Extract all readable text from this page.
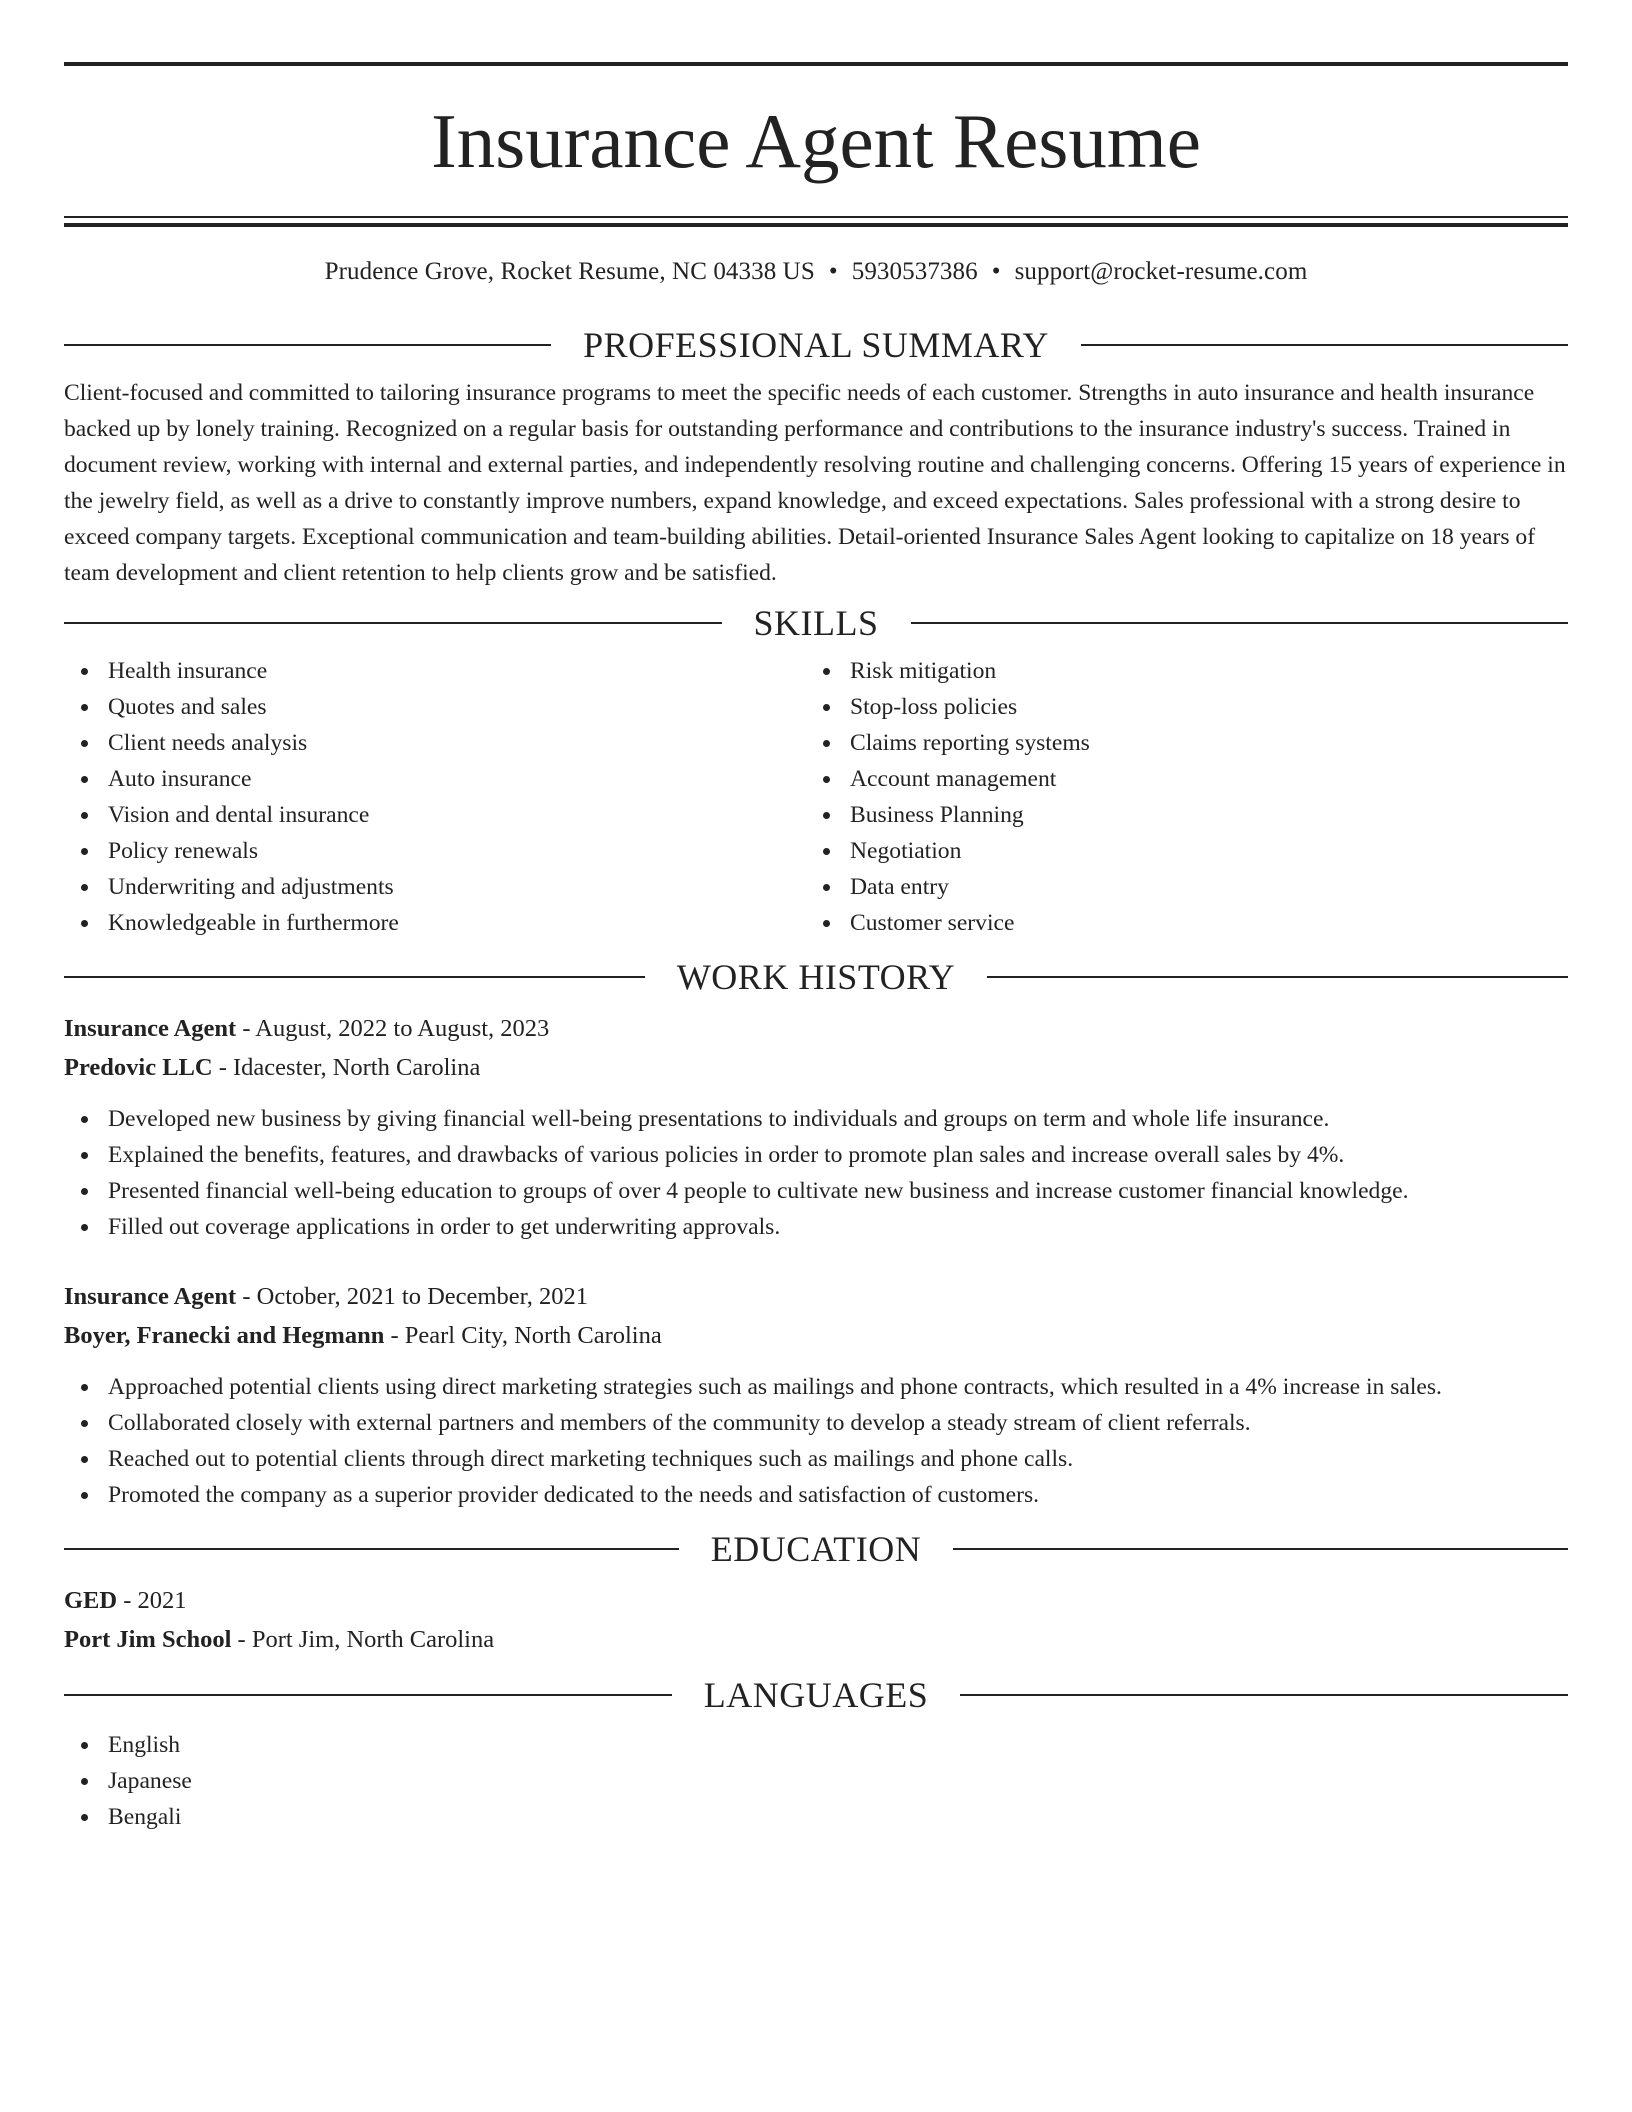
Insurance Agent Resume
Prudence Grove, Rocket Resume, NC 04338 US • 5930537386 • support@rocket-resume.com
PROFESSIONAL SUMMARY
Client-focused and committed to tailoring insurance programs to meet the specific needs of each customer. Strengths in auto insurance and health insurance backed up by lonely training. Recognized on a regular basis for outstanding performance and contributions to the insurance industry's success. Trained in document review, working with internal and external parties, and independently resolving routine and challenging concerns. Offering 15 years of experience in the jewelry field, as well as a drive to constantly improve numbers, expand knowledge, and exceed expectations. Sales professional with a strong desire to exceed company targets. Exceptional communication and team-building abilities. Detail-oriented Insurance Sales Agent looking to capitalize on 18 years of team development and client retention to help clients grow and be satisfied.
SKILLS
Health insurance
Quotes and sales
Client needs analysis
Auto insurance
Vision and dental insurance
Policy renewals
Underwriting and adjustments
Knowledgeable in furthermore
Risk mitigation
Stop-loss policies
Claims reporting systems
Account management
Business Planning
Negotiation
Data entry
Customer service
WORK HISTORY
Insurance Agent - August, 2022 to August, 2023
Predovic LLC - Idacester, North Carolina
Developed new business by giving financial well-being presentations to individuals and groups on term and whole life insurance.
Explained the benefits, features, and drawbacks of various policies in order to promote plan sales and increase overall sales by 4%.
Presented financial well-being education to groups of over 4 people to cultivate new business and increase customer financial knowledge.
Filled out coverage applications in order to get underwriting approvals.
Insurance Agent - October, 2021 to December, 2021
Boyer, Franecki and Hegmann - Pearl City, North Carolina
Approached potential clients using direct marketing strategies such as mailings and phone contracts, which resulted in a 4% increase in sales.
Collaborated closely with external partners and members of the community to develop a steady stream of client referrals.
Reached out to potential clients through direct marketing techniques such as mailings and phone calls.
Promoted the company as a superior provider dedicated to the needs and satisfaction of customers.
EDUCATION
GED - 2021
Port Jim School - Port Jim, North Carolina
LANGUAGES
English
Japanese
Bengali
